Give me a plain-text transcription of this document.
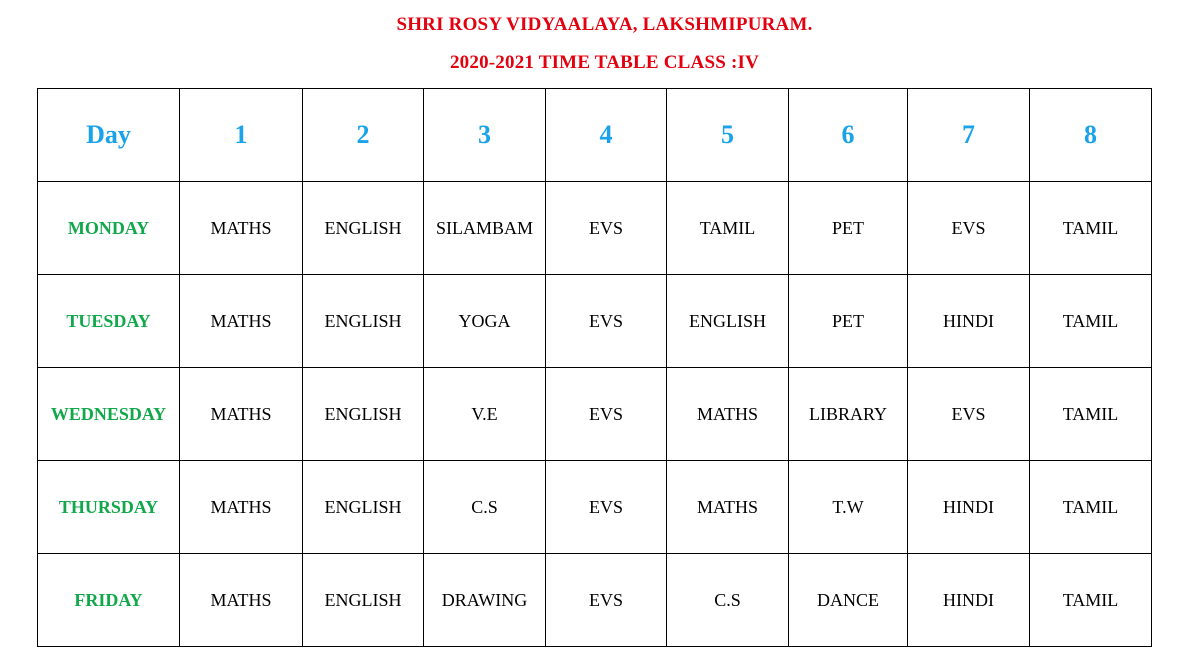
SHRI ROSY VIDYAALAYA, LAKSHMIPURAM.
2020-2021 TIME TABLE CLASS :IV
Day	1	2	3	4	5	6	7	8
MONDAY	MATHS	ENGLISH	SILAMBAM	EVS	TAMIL	PET	EVS	TAMIL
TUESDAY	MATHS	ENGLISH	YOGA	EVS	ENGLISH	PET	HINDI	TAMIL
WEDNESDAY	MATHS	ENGLISH	V.E	EVS	MATHS	LIBRARY	EVS	TAMIL
THURSDAY	MATHS	ENGLISH	C.S	EVS	MATHS	T.W	HINDI	TAMIL
FRIDAY	MATHS	ENGLISH	DRAWING	EVS	C.S	DANCE	HINDI	TAMIL
